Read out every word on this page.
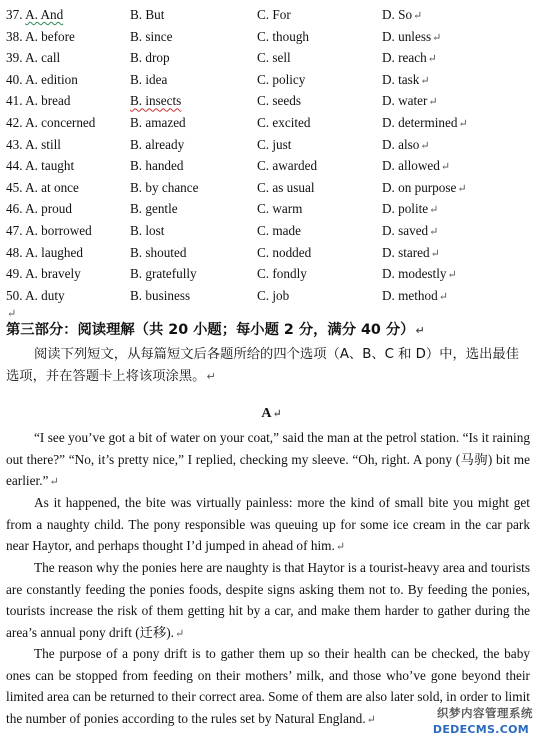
37. A. And	B. But	C. For	D. So↵
38. A. before	B. since	C. though	D. unless↵
39. A. call	B. drop	C. sell	D. reach↵
40. A. edition	B. idea	C. policy	D. task↵
41. A. bread	B. insects	C. seeds	D. water↵
42. A. concerned	B. amazed	C. excited	D. determined↵
43. A. still	B. already	C. just	D. also↵
44. A. taught	B. handed	C. awarded	D. allowed↵
45. A. at once	B. by chance	C. as usual	D. on purpose↵
46. A. proud	B. gentle	C. warm	D. polite↵
47. A. borrowed	B. lost	C. made	D. saved↵
48. A. laughed	B. shouted	C. nodded	D. stared↵
49. A. bravely	B. gratefully	C. fondly	D. modestly↵
50. A. duty	B. business	C. job	D. method↵
↵
第三部分：阅读理解（共 20 小题；每小题 2 分，满分 40 分）↵
阅读下列短文，从每篇短文后各题所给的四个选项（A、B、C 和 D）中，选出最佳选项，并在答题卡上将该项涂黑。↵
A↵
“I see you’ve got a bit of water on your coat,” said the man at the petrol station. “Is it raining out there?” “No, it’s pretty nice,” I replied, checking my sleeve. “Oh, right. A pony (马驹) bit me earlier.”↵
As it happened, the bite was virtually painless: more the kind of small bite you might get from a naughty child. The pony responsible was queuing up for some ice cream in the car park near Haytor, and perhaps thought I’d jumped in ahead of him.↵
The reason why the ponies here are naughty is that Haytor is a tourist-heavy area and tourists are constantly feeding the ponies foods, despite signs asking them not to. By feeding the ponies, tourists increase the risk of them getting hit by a car, and make them harder to gather during the area’s annual pony drift (迁移).↵
The purpose of a pony drift is to gather them up so their health can be checked, the baby ones can be stopped from feeding on their mothers’ milk, and those who’ve gone beyond their limited area can be returned to their correct area. Some of them are also later sold, in order to limit the number of ponies according to the rules set by Natural England.↵	织梦内容管理系统
DEDECMS.COM
